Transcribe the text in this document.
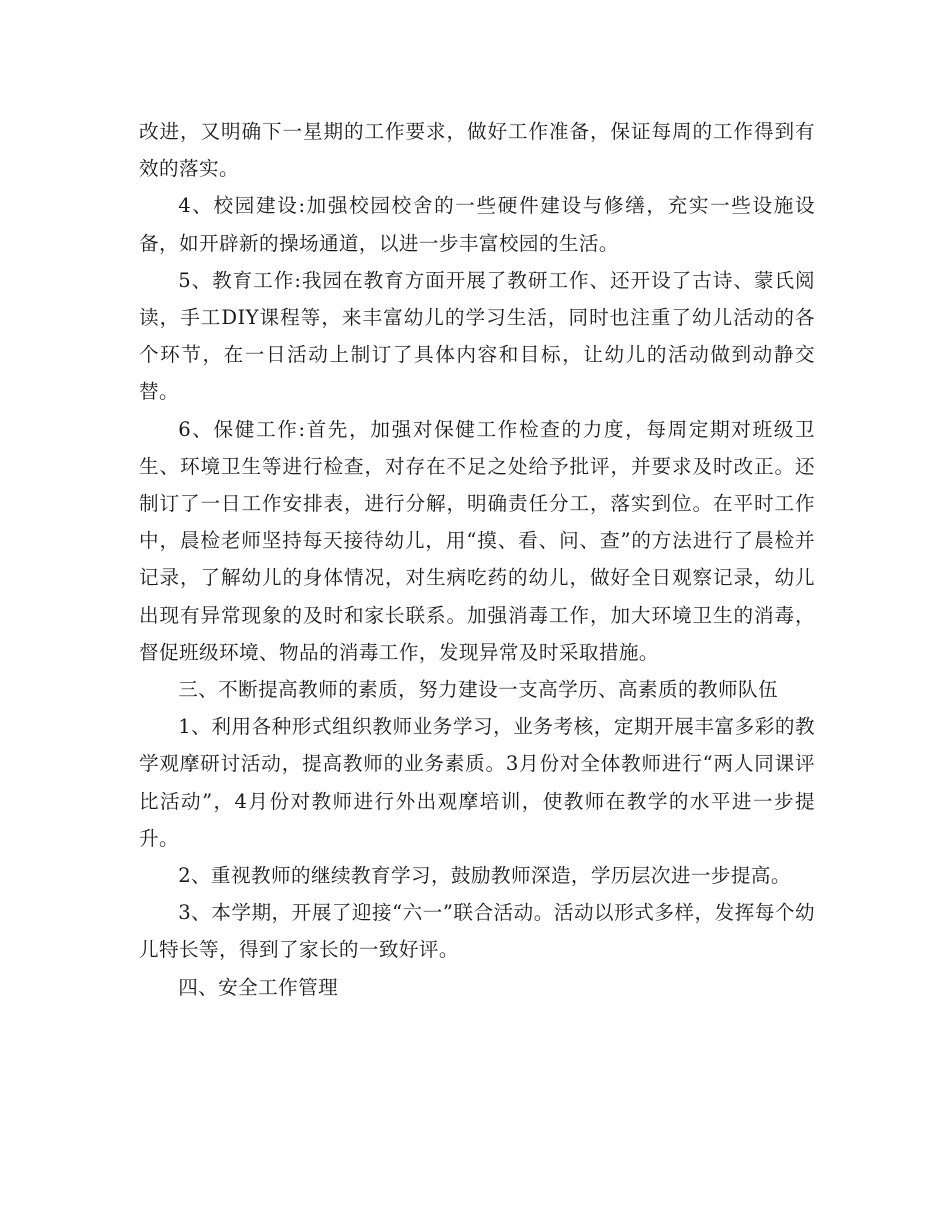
改进，又明确下一星期的工作要求，做好工作准备，保证每周的工作得到有效的落实。

4、校园建设:加强校园校舍的一些硬件建设与修缮，充实一些设施设备，如开辟新的操场通道，以进一步丰富校园的生活。

5、教育工作:我园在教育方面开展了教研工作、还开设了古诗、蒙氏阅读，手工DIY课程等，来丰富幼儿的学习生活，同时也注重了幼儿活动的各个环节，在一日活动上制订了具体内容和目标，让幼儿的活动做到动静交替。

6、保健工作:首先，加强对保健工作检查的力度，每周定期对班级卫生、环境卫生等进行检查，对存在不足之处给予批评，并要求及时改正。还制订了一日工作安排表，进行分解，明确责任分工，落实到位。在平时工作中，晨检老师坚持每天接待幼儿，用“摸、看、问、查”的方法进行了晨检并记录，了解幼儿的身体情况，对生病吃药的幼儿，做好全日观察记录，幼儿出现有异常现象的及时和家长联系。加强消毒工作，加大环境卫生的消毒，督促班级环境、物品的消毒工作，发现异常及时采取措施。

三、不断提高教师的素质，努力建设一支高学历、高素质的教师队伍

1、利用各种形式组织教师业务学习，业务考核，定期开展丰富多彩的教学观摩研讨活动，提高教师的业务素质。3月份对全体教师进行“两人同课评比活动”，4月份对教师进行外出观摩培训，使教师在教学的水平进一步提升。

2、重视教师的继续教育学习，鼓励教师深造，学历层次进一步提高。

3、本学期，开展了迎接“六一”联合活动。活动以形式多样，发挥每个幼儿特长等，得到了家长的一致好评。

四、安全工作管理
